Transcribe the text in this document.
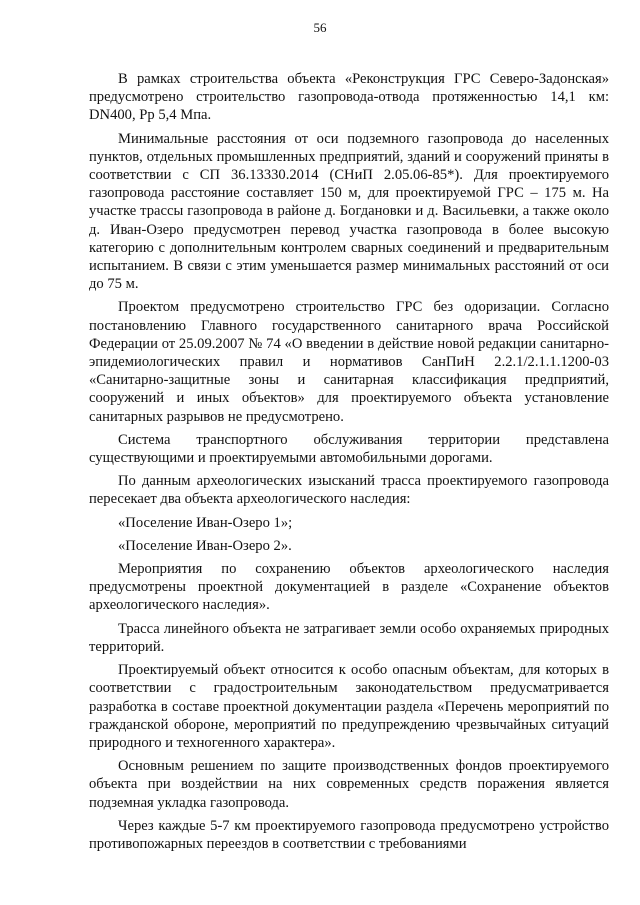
56

В рамках строительства объекта «Реконструкция ГРС Северо-Задонская» предусмотрено строительство газопровода-отвода протяженностью 14,1 км: DN400, Рр 5,4 Мпа.

Минимальные расстояния от оси подземного газопровода до населенных пунктов, отдельных промышленных предприятий, зданий и сооружений приняты в соответствии с СП 36.13330.2014 (СНиП 2.05.06-85*). Для проектируемого газопровода расстояние составляет 150 м, для проектируемой ГРС – 175 м. На участке трассы газопровода в районе д. Богдановки и д. Васильевки, а также около д. Иван-Озеро предусмотрен перевод участка газопровода в более высокую категорию с дополнительным контролем сварных соединений и предварительным испытанием. В связи с этим уменьшается размер минимальных расстояний от оси до 75 м.

Проектом предусмотрено строительство ГРС без одоризации. Согласно постановлению Главного государственного санитарного врача Российской Федерации от 25.09.2007 № 74 «О введении в действие новой редакции санитарно-эпидемиологических правил и нормативов СанПиН 2.2.1/2.1.1.1200-03 «Санитарно-защитные зоны и санитарная классификация предприятий, сооружений и иных объектов» для проектируемого объекта установление санитарных разрывов не предусмотрено.

Система транспортного обслуживания территории представлена существующими и проектируемыми автомобильными дорогами.

По данным археологических изысканий трасса проектируемого газопровода пересекает два объекта археологического наследия:

«Поселение Иван-Озеро 1»;

«Поселение Иван-Озеро 2».

Мероприятия по сохранению объектов археологического наследия предусмотрены проектной документацией в разделе «Сохранение объектов археологического наследия».

Трасса линейного объекта не затрагивает земли особо охраняемых природных территорий.

Проектируемый объект относится к особо опасным объектам, для которых в соответствии с градостроительным законодательством предусматривается разработка в составе проектной документации раздела «Перечень мероприятий по гражданской обороне, мероприятий по предупреждению чрезвычайных ситуаций природного и техногенного характера».

Основным решением по защите производственных фондов проектируемого объекта при воздействии на них современных средств поражения является подземная укладка газопровода.

Через каждые 5-7 км проектируемого газопровода предусмотрено устройство противопожарных переездов в соответствии с требованиями
